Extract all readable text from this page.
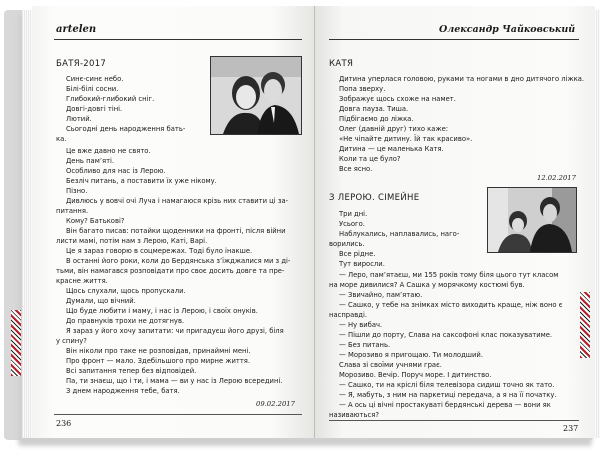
artelen
БАТЯ-2017
Синє-синє небо.
Білі-білі сосни.
Глибокий-глибокий сніг.
Довгі-довгі тіні.
Лютий.
Сьогодні день народження бать-
ка.
Це вже давно не свято.
День пам’яті.
Особливо для нас із Лерою.
Безліч питань, а поставити їх уже нікому.
Пізно.
Дивлюсь у вовчі очі Луча і намагаюся крізь них ставити ці за-
питання.
Кому? Батькові?
Він багато писав: потайки щоденники на фронті, після війни
листи мамі, потім нам з Лерою, Каті, Варі.
Це я зараз говорю в соцмережах. Тоді було інакше.
В останні його роки, коли до Бердянська з’їжджалися ми з ді-
тьми, він намагався розповідати про своє досить довге та пре-
красне життя.
Щось слухали, щось пропускали.
Думали, що вічний.
Що буде любити і маму, і нас із Лерою, і своїх онуків.
До правнуків трохи не дотягнув.
Я зараз у його хочу запитати: чи пригадуєш його друзі, біля
у спину?
Він ніколи про таке не розповідав, принаймні мені.
Про фронт — мало. Здебільшого про мирне життя.
Всі запитання тепер без відповідей.
Па, ти знаєш, що і ти, і мама — ви у нас із Лерою всередині.
З днем народження тебе, батя.
09.02.2017
236
Олександр Чайковський
КАТЯ
Дитина уперлася головою, руками та ногами в дно дитячого ліжка.
Попа зверху.
Зображує щось схоже на намет.
Довга пауза. Тиша.
Підбігаємо до ліжка.
Олег (давній друг) тихо каже:
«Не чіпайте дитину. Їй так красиво».
Дитина — це маленька Катя.
Коли та це було?
Все ясно.
12.02.2017
З ЛЕРОЮ. СІМЕЙНЕ
Три дні.
Усього.
Наблукались, наплавались, наго-
ворились.
Все рідне.
Тут виросли.
— Леро, пам’ятаєш, ми 155 років тому біля цього тут класом
на море дивилися? А Сашка у морячкому костюмі був.
— Звичайно, пам’ятаю.
— Сашко, у тебе на знімках місто виходить краще, ніж воно є
насправді.
— Ну вибач.
— Пішли до порту, Слава на саксофоні клас показуватиме.
— Без питань.
— Морозиво я пригощаю. Ти молодший.
Слава зі своїми учнями грає.
Морозиво. Вечір. Поруч море. І дитинство.
— Сашко, ти на кріслі біля телевізора сидиш точно як тато.
— Я, мабуть, з ним на паркетиці передача, а я на її початку.
— А ось ці вічні простакуваті бердянські дерева — вони як
називаються?
237
